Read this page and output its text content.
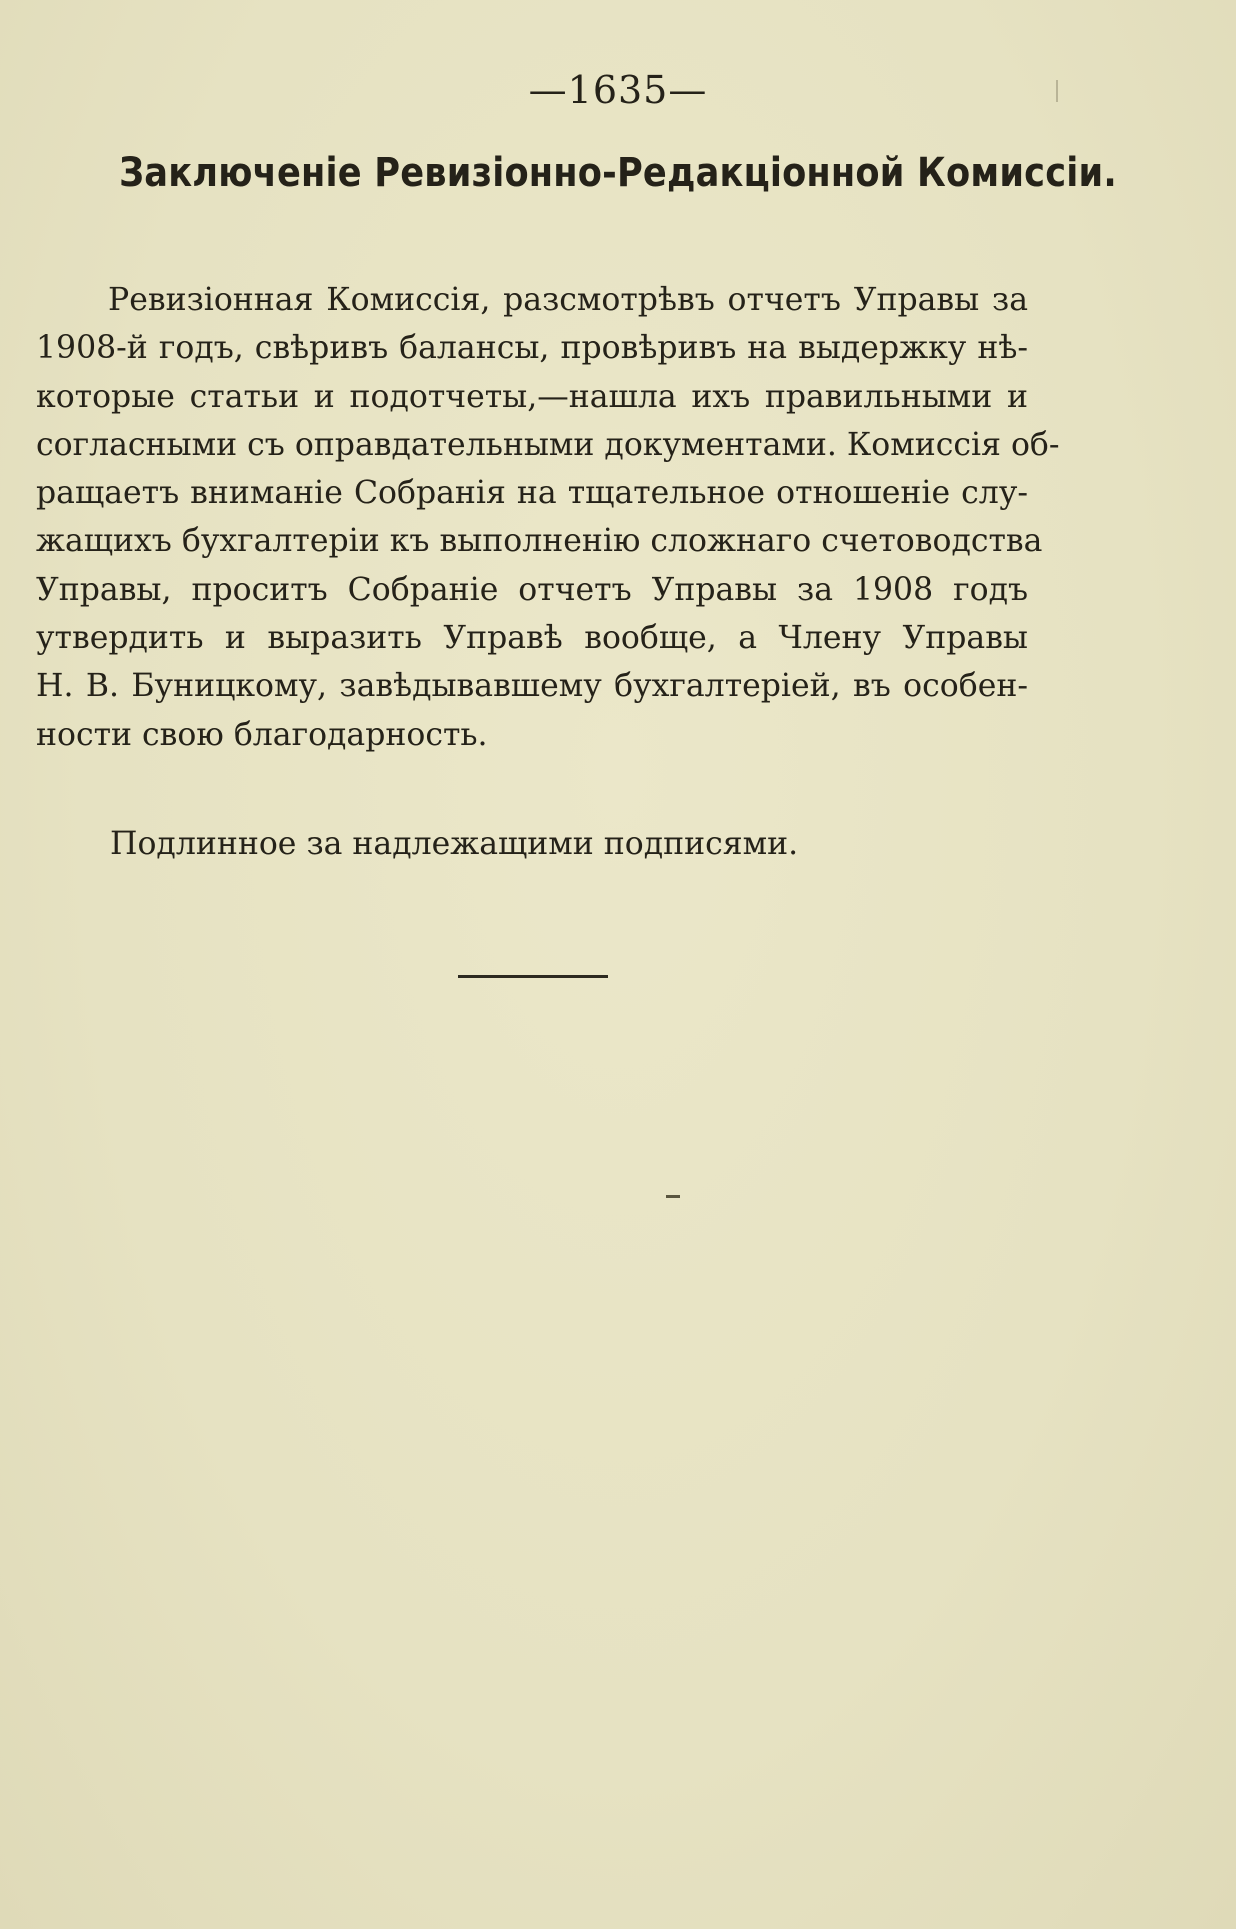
—1635—
Заключеніе Ревизіонно-Редакціонной Комиссіи.
Ревизіонная Комиссія, разсмотрѣвъ отчетъ Управы за
1908-й годъ, свѣривъ балансы, провѣривъ на выдержку нѣ-
которые статьи и подотчеты,—нашла ихъ правильными и
согласными съ оправдательными документами. Комиссія об-
ращаетъ вниманіе Собранія на тщательное отношеніе слу-
жащихъ бухгалтеріи къ выполненію сложнаго счетоводства
Управы, проситъ Собраніе отчетъ Управы за 1908 годъ
утвердить и выразить Управѣ вообще, а Члену Управы
Н. В. Буницкому, завѣдывавшему бухгалтеріей, въ особен-
ности свою благодарность.
Подлинное за надлежащими подписями.
